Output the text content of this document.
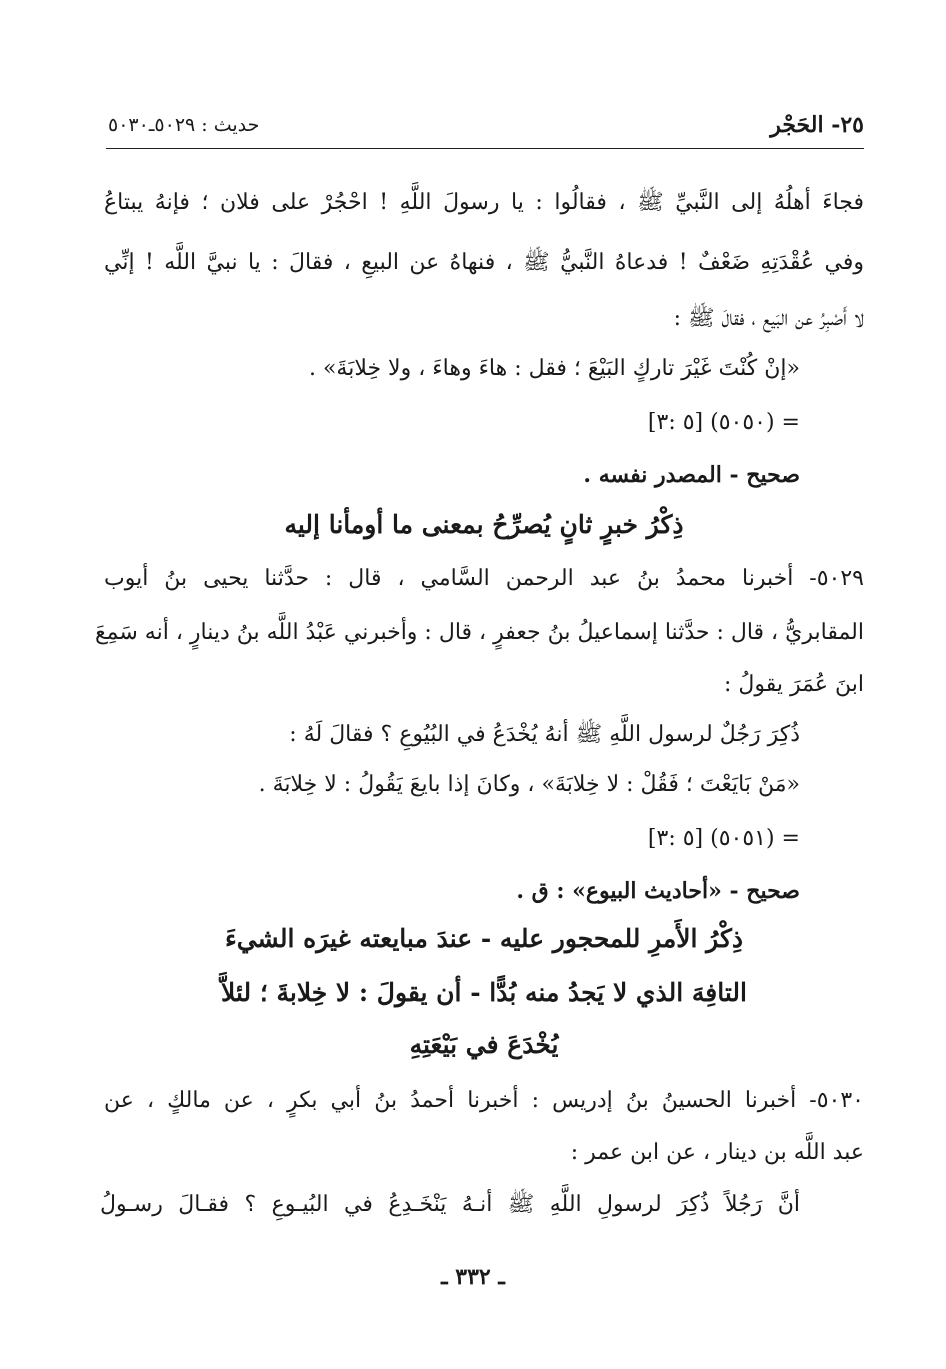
٢٥- الحَجْر
حديث : ٥٠٢٩ـ٥٠٣٠
فجاءَ أهلُهُ إلى النَّبيِّ ﷺ ، فقالُوا : يا رسولَ اللَّهِ ! احْجُرْ على فلان ؛ فإنهُ يبتاعُ
وفي عُقْدَتِهِ ضَعْفٌ ! فدعاهُ النَّبيُّ ﷺ ، فنهاهُ عن البيعِ ، فقالَ : يا نبيَّ اللَّه ! إنِّي
لا أَصْبِرُ عن البَيع ، فقالَ ﷺ :
«إنْ كُنْتَ غَيْرَ تاركٍ البَيْعَ ؛ فقل : هاءَ وهاءَ ، ولا خِلابَةَ» .
= (٥٠٥٠) [٥ :٣]
صحيح - المصدر نفسه .
ذِكْرُ خبرٍ ثانٍ يُصرِّحُ بمعنى ما أومأنا إليه
٥٠٢٩- أخبرنا محمدُ بنُ عبد الرحمن السَّامي ، قال : حدَّثنا يحيى بنُ أيوب
المقابريُّ ، قال : حدَّثنا إسماعيلُ بنُ جعفرٍ ، قال : وأخبرني عَبْدُ اللَّه بنُ دينارٍ ، أنه سَمِعَ
ابنَ عُمَرَ يقولُ :
ذُكِرَ رَجُلٌ لرسول اللَّهِ ﷺ أنهُ يُخْدَعُ في البُيُوعِ ؟ فقالَ لَهُ :
«مَنْ بَايَعْتَ ؛ فَقُلْ : لا خِلابَةَ» ، وكانَ إذا بايعَ يَقُولُ : لا خِلابَةَ .
= (٥٠٥١) [٥ :٣]
صحيح - «أحاديث البيوع» : ق .
ذِكْرُ الأَمرِ للمحجور عليه - عندَ مبايعته غيرَه الشيءَ
التافِهَ الذي لا يَجدُ منه بُدًّا - أن يقولَ : لا خِلابةَ ؛ لئلاَّ
يُخْدَعَ في بَيْعَتِهِ
٥٠٣٠- أخبرنا الحسينُ بنُ إدريس : أخبرنا أحمدُ بنُ أبي بكرٍ ، عن مالكٍ ، عن
عبد اللَّه بن دينار ، عن ابن عمر :
أنَّ رَجُلاً ذُكِرَ لرسولِ اللَّهِ ﷺ أنـهُ يَنْخَـدِعُ في البُيـوعِ ؟ فقـالَ رسـولُ
ـ ٣٣٢ ـ
